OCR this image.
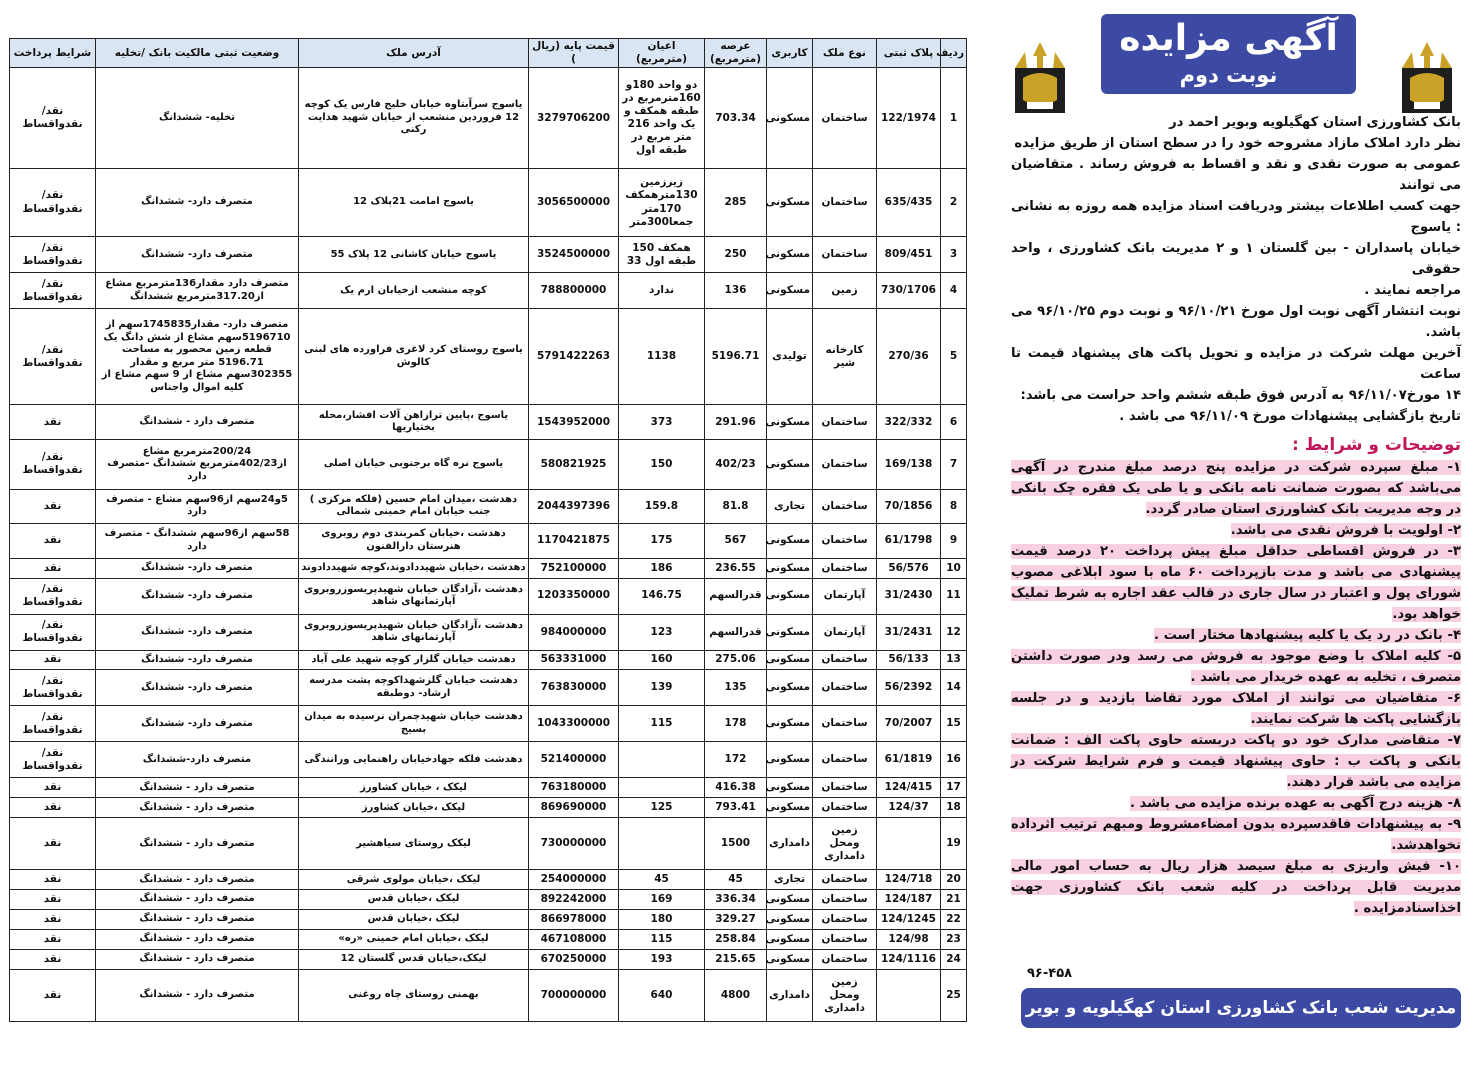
ردیف	پلاک ثبتی	نوع ملک	کاربری	عرصه (مترمربع)	اعیان (مترمربع)	قیمت پایه (ریال )	آدرس ملک	وضعیت ثبتی مالکیت بانک /تخلیه	شرایط پرداخت
1	122/1974	ساختمان	مسکونی	703.34	دو واحد 180و 160مترمربع در طبقه همکف و یک واحد 216 متر مربع در طبقه اول	3279706200	یاسوج سرآبتاوه خیابان خلیج فارس یک کوچه 12 فروردین منشعب از خیابان شهید هدایت رکنی	تخلیه- ششدانگ	نقد/نقدواقساط
2	635/435	ساختمان	مسکونی	285	زیرزمین 130مترهمکف 170متر جمعا300متر	3056500000	یاسوج امامت 21پلاک 12	متصرف دارد- ششدانگ	نقد/نقدواقساط
3	809/451	ساختمان	مسکونی	250	همکف 150 طبقه اول 33	3524500000	یاسوج خیابان کاشانی 12 پلاک 55	متصرف دارد- ششدانگ	نقد/نقدواقساط
4	730/1706	زمین	مسکونی	136	ندارد	788800000	کوچه منشعب ازخیابان ارم یک	متصرف دارد مقدار136مترمربع مشاع از317.20مترمربع ششدانگ	نقد/نقدواقساط
5	270/36	کارخانه شیر	تولیدی	5196.71	1138	5791422263	یاسوج روستای کرد لاغری فراورده های لبنی کالوش	متصرف دارد- مقدار1745835سهم از 5196710سهم مشاع از شش دانگ یک قطعه زمین محصور به مساحت 5196.71 متر مربع و مقدار 302355سهم مشاع از 9 سهم مشاع از کلیه اموال واجناس	نقد/نقدواقساط
6	322/332	ساختمان	مسکونی	291.96	373	1543952000	یاسوج ،پایین ترازاهن آلات افشار،محله بختیاریها	متصرف دارد - ششدانگ	نقد
7	169/138	ساختمان	مسکونی	402/23	150	580821925	یاسوج نره گاه برجنوبی خیابان اصلی	200/24مترمربع مشاع از402/23مترمربع ششدانگ -متصرف دارد	نقد/نقدواقساط
8	70/1856	ساختمان	تجاری	81.8	159.8	2044397396	دهدشت ،میدان امام حسین (فلکه مرکزی ) جنب خیابان امام خمینی شمالی	5و24سهم از96سهم مشاع - متصرف دارد	نقد
9	61/1798	ساختمان	مسکونی	567	175	1170421875	دهدشت ،خیابان کمربندی دوم روبروی هنرستان دارالفنون	58سهم از96سهم ششدانگ - متصرف دارد	نقد
10	56/576	ساختمان	مسکونی	236.55	186	752100000	دهدشت ،خیابان شهیددادوند،کوچه شهیددادوند	متصرف دارد- ششدانگ	نقد
11	31/2430	آپارتمان	مسکونی	قدرالسهم	146.75	1203350000	دهدشت ،آزادگان خیابان شهیدپریسوزروبروی آپارتمانهای شاهد	متصرف دارد- ششدانگ	نقد/نقدواقساط
12	31/2431	آپارتمان	مسکونی	قدرالسهم	123	984000000	دهدشت ،آزادگان خیابان شهیدپریسوزروبروی آپارتمانهای شاهد	متصرف دارد- ششدانگ	نقد/نقدواقساط
13	56/133	ساختمان	مسکونی	275.06	160	563331000	دهدشت خیابان گلزار کوچه شهید علی آباد	متصرف دارد- ششدانگ	نقد
14	56/2392	ساختمان	مسکونی	135	139	763830000	دهدشت خیابان گلزشهداکوچه پشت مدرسه ارشاد- دوطبقه	متصرف دارد- ششدانگ	نقد/نقدواقساط
15	70/2007	ساختمان	مسکونی	178	115	1043300000	دهدشت خیابان شهیدچمران نرسیده به میدان بسیج	متصرف دارد- ششدانگ	نقد/نقدواقساط
16	61/1819	ساختمان	مسکونی	172		521400000	دهدشت فلکه جهادخیابان راهنمایی ورانندگی	متصرف دارد-ششدانگ	نقد/نقدواقساط
17	124/415	ساختمان	مسکونی	416.38		763180000	لیکک ، خیابان کشاورز	متصرف دارد - ششدانگ	نقد
18	124/37	ساختمان	مسکونی	793.41	125	869690000	لیکک ،خیابان کشاورز	متصرف دارد - ششدانگ	نقد
19		زمین ومحل دامداری	دامداری	1500		730000000	لیکک روستای سیاهشیر	متصرف دارد - ششدانگ	نقد
20	124/718	ساختمان	تجاری	45	45	254000000	لیکک ،خیابان مولوی شرقی	متصرف دارد - ششدانگ	نقد
21	124/187	ساختمان	مسکونی	336.34	169	892242000	لیکک ،خیابان قدس	متصرف دارد - ششدانگ	نقد
22	124/1245	ساختمان	مسکونی	329.27	180	866978000	لیکک ،خیابان قدس	متصرف دارد - ششدانگ	نقد
23	124/98	ساختمان	مسکونی	258.84	115	467108000	لیکک ،خیابان امام خمینی «ره»	متصرف دارد - ششدانگ	نقد
24	124/1116	ساختمان	مسکونی	215.65	193	670250000	لیکک،خیابان قدس گلستان 12	متصرف دارد - ششدانگ	نقد
25		زمین ومحل دامداری	دامداری	4800	640	700000000	بهمنی روستای چاه روغنی	متصرف دارد - ششدانگ	نقد
آگهی مزایده
نوبت دوم

بانک کشاورزی استان کهگیلویه وبویر احمد در

نظر دارد املاک مازاد مشروحه خود را در سطح استان از طریق مزایده

عمومی به صورت نقدی و نقد و اقساط به فروش رساند . متقاضیان می توانند

جهت کسب اطلاعات بیشتر ودریافت اسناد مزایده همه روزه به نشانی : یاسوج

خیابان پاسداران - بین گلستان ۱ و ۲ مدیریت بانک کشاورزی ، واحد حقوقی

مراجعه نمایند .

نوبت انتشار آگهی نوبت اول مورخ ۹۶/۱۰/۲۱ و نوبت دوم ۹۶/۱۰/۲۵ می باشد.

آخرین مهلت شرکت در مزایده و تحویل پاکت های پیشنهاد قیمت تا ساعت

۱۴ مورخ۹۶/۱۱/۰۷ به آدرس فوق طبقه ششم واحد حراست می باشد:

تاریخ بازگشایی پیشنهادات مورخ ۹۶/۱۱/۰۹ می باشد .

توضیحات و شرایط :

۱- مبلغ سپرده شرکت در مزایده پنج درصد مبلغ مندرج در آگهی می‌باشد که بصورت ضمانت نامه بانکی و یا طی یک فقره چک بانکی در وجه مدیریت بانک کشاورزی استان صادر گردد.

۲- اولویت با فروش نقدی می باشد.

۳- در فروش اقساطی حداقل مبلغ پیش پرداخت ۲۰ درصد قیمت پیشنهادی می باشد و مدت بازپرداخت ۶۰ ماه با سود ابلاغی مصوب شورای پول و اعتبار در سال جاری در قالب عقد اجاره به شرط تملیک خواهد بود.

۴- بانک در رد یک یا کلیه پیشنهادها مختار است .

۵- کلیه املاک با وضع موجود به فروش می رسد ودر صورت داشتن متصرف ، تخلیه به عهده خریدار می باشد .

۶- متقاضیان می توانند از املاک مورد تقاضا بازدید و در جلسه بازگشایی پاکت ها شرکت نمایند.

۷- متقاضی مدارک خود دو پاکت دربسته حاوی پاکت الف : ضمانت بانکی و پاکت ب : حاوی پیشنهاد قیمت و فرم شرایط شرکت در مزایده می باشد قرار دهند.

۸- هزینه درج آگهی به عهده برنده مزایده می باشد .

۹- به پیشنهادات فاقدسپرده بدون امضاءمشروط ومبهم ترتیب اثرداده نخواهدشد.

۱۰- فیش واریزی به مبلغ سیصد هزار ریال به حساب امور مالی مدیریت قابل پرداخت در کلیه شعب بانک کشاورزی جهت اخذاسنادمزایده .

۹۶-۴۵۸
مدیریت شعب بانک کشاورزی استان کهگیلویه و بویر احمد
